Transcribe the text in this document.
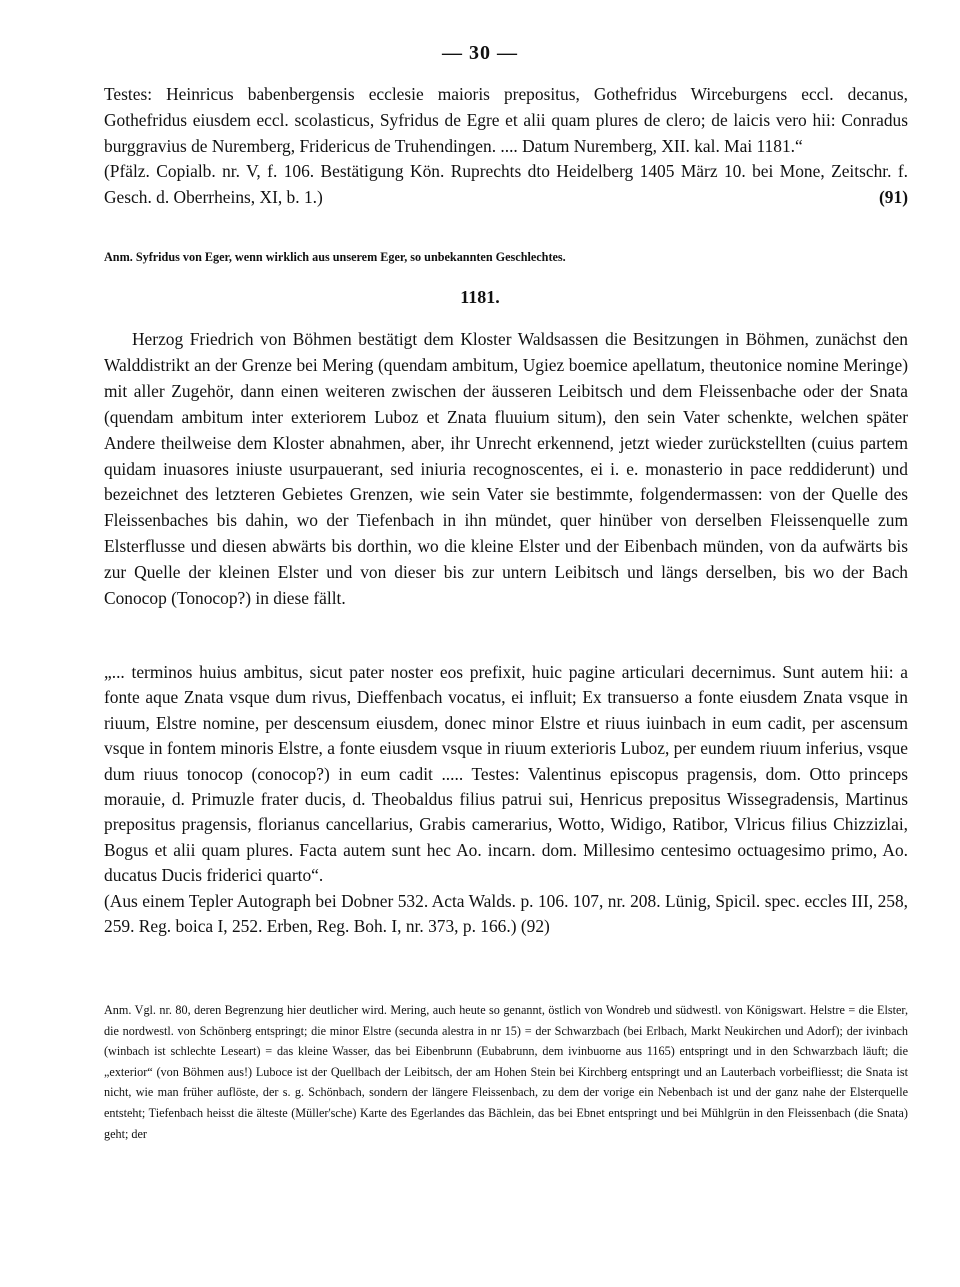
— 30 —

Testes: Heinricus babenbergensis ecclesie maioris prepositus, Gothefridus Wirceburgens eccl. decanus, Gothefridus eiusdem eccl. scolasticus, Syfridus de Egre et alii quam plures de clero; de laicis vero hii: Conradus burggravius de Nuremberg, Fridericus de Truhendingen. .... Datum Nuremberg, XII. kal. Mai 1181.“

(Pfälz. Copialb. nr. V, f. 106. Bestätigung Kön. Ruprechts dto Heidelberg 1405 März 10. bei Mone, Zeitschr. f. Gesch. d. Oberrheins, XI, b. 1.)	(91)

Anm. Syfridus von Eger, wenn wirklich aus unserem Eger, so unbekannten Geschlechtes.
1181.

Herzog Friedrich von Böhmen bestätigt dem Kloster Waldsassen die Besitzungen in Böhmen, zunächst den Walddistrikt an der Grenze bei Mering (quendam ambitum, Ugiez boemice apellatum, theutonice nomine Meringe) mit aller Zugehör, dann einen weiteren zwischen der äusseren Leibitsch und dem Fleissenbache oder der Snata (quendam ambitum inter exteriorem Luboz et Znata fluuium situm), den sein Vater schenkte, welchen später Andere theilweise dem Kloster abnahmen, aber, ihr Unrecht erkennend, jetzt wieder zurückstellten (cuius partem quidam inuasores iniuste usurpauerant, sed iniuria recognoscentes, ei i. e. monasterio in pace reddiderunt) und bezeichnet des letzteren Gebietes Grenzen, wie sein Vater sie bestimmte, folgendermassen: von der Quelle des Fleissenbaches bis dahin, wo der Tiefenbach in ihn mündet, quer hinüber von derselben Fleissenquelle zum Elsterflusse und diesen abwärts bis dorthin, wo die kleine Elster und der Eibenbach münden, von da aufwärts bis zur Quelle der kleinen Elster und von dieser bis zur untern Leibitsch und längs derselben, bis wo der Bach Conocop (Tonocop?) in diese fällt.

„... terminos huius ambitus, sicut pater noster eos prefixit, huic pagine articulari decernimus. Sunt autem hii: a fonte aque Znata vsque dum rivus, Dieffenbach vocatus, ei influit; Ex transuerso a fonte eiusdem Znata vsque in riuum, Elstre nomine, per descensum eiusdem, donec minor Elstre et riuus iuinbach in eum cadit, per ascensum vsque in fontem minoris Elstre, a fonte eiusdem vsque in riuum exterioris Luboz, per eundem riuum inferius, vsque dum riuus tonocop (conocop?) in eum cadit ..... Testes: Valentinus episcopus pragensis, dom. Otto princeps morauie, d. Primuzle frater ducis, d. Theobaldus filius patrui sui, Henricus prepositus Wissegradensis, Martinus prepositus pragensis, florianus cancellarius, Grabis camerarius, Wotto, Widigo, Ratibor, Vlricus filius Chizzizlai, Bogus et alii quam plures. Facta autem sunt hec Ao. incarn. dom. Millesimo centesimo octuagesimo primo, Ao. ducatus Ducis friderici quarto“.

(Aus einem Tepler Autograph bei Dobner 532. Acta Walds. p. 106. 107, nr. 208. Lünig, Spicil. spec. eccles III, 258, 259. Reg. boica I, 252. Erben, Reg. Boh. I, nr. 373, p. 166.) (92)

Anm. Vgl. nr. 80, deren Begrenzung hier deutlicher wird. Mering, auch heute so genannt, östlich von Wondreb und südwestl. von Königswart. Helstre = die Elster, die nordwestl. von Schönberg entspringt; die minor Elstre (secunda alestra in nr 15) = der Schwarzbach (bei Erlbach, Markt Neukirchen und Adorf); der ivinbach (winbach ist schlechte Leseart) = das kleine Wasser, das bei Eibenbrunn (Eubabrunn, dem ivinbuorne aus 1165) entspringt und in den Schwarzbach läuft; die „exterior“ (von Böhmen aus!) Luboce ist der Quellbach der Leibitsch, der am Hohen Stein bei Kirchberg entspringt und an Lauterbach vorbeifliesst; die Snata ist nicht, wie man früher auflöste, der s. g. Schönbach, sondern der längere Fleissenbach, zu dem der vorige ein Nebenbach ist und der ganz nahe der Elsterquelle entsteht; Tiefenbach heisst die älteste (Müller'sche) Karte des Egerlandes das Bächlein, das bei Ebnet entspringt und bei Mühlgrün in den Fleissenbach (die Snata) geht; der
